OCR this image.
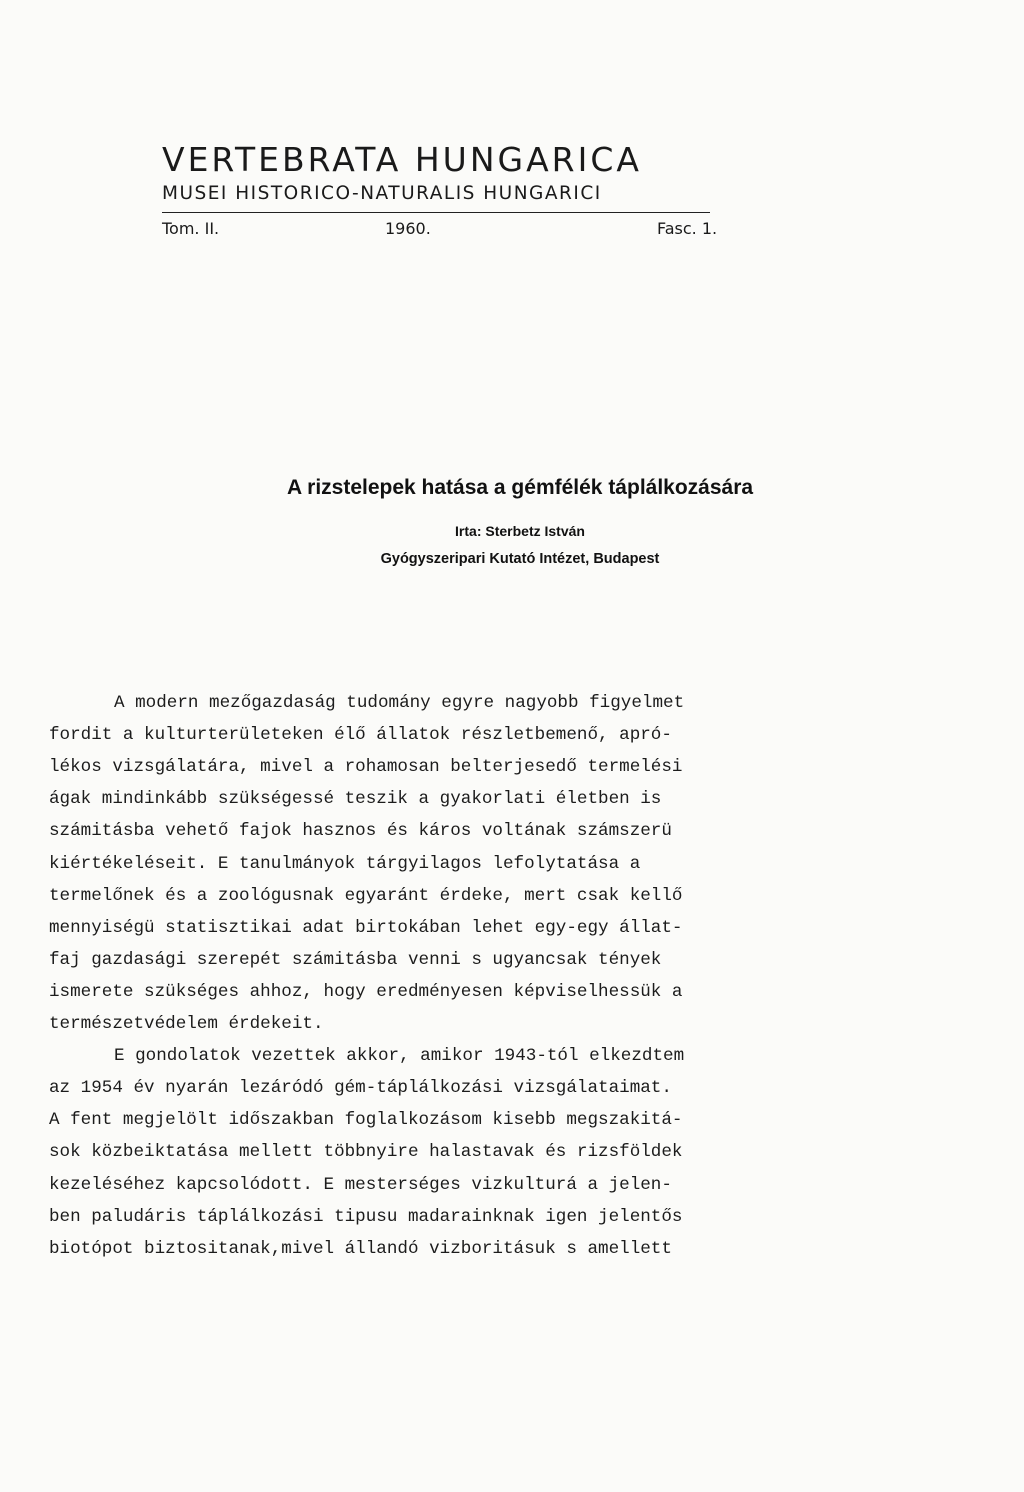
VERTEBRATA HUNGARICA
MUSEI HISTORICO-NATURALIS HUNGARICI
Tom. II.	1960.	Fasc. 1.
A rizstelepek hatása a gémfélék táplálkozására
Irta: Sterbetz István
Gyógyszeripari Kutató Intézet, Budapest
A modern mezőgazdaság tudomány egyre nagyobb figyelmet
fordit a kulturterületeken élő állatok részletbemenő, apró-
lékos vizsgálatára, mivel a rohamosan belterjesedő termelési
ágak mindinkább szükségessé teszik a gyakorlati életben is
számitásba vehető fajok hasznos és káros voltának számszerü
kiértékeléseit. E tanulmányok tárgyilagos lefolytatása a
termelőnek és a zoológusnak egyaránt érdeke, mert csak kellő
mennyiségü statisztikai adat birtokában lehet egy-egy állat-
faj gazdasági szerepét számitásba venni s ugyancsak tények
ismerete szükséges ahhoz, hogy eredményesen képviselhessük a
természetvédelem érdekeit.
E gondolatok vezettek akkor, amikor 1943-tól elkezdtem
az 1954 év nyarán lezáródó gém-táplálkozási vizsgálataimat.
A fent megjelölt időszakban foglalkozásom kisebb megszakitá-
sok közbeiktatása mellett többnyire halastavak és rizsföldek
kezeléséhez kapcsolódott. E mesterséges vizkulturá a jelen-
ben paludáris táplálkozási tipusu madarainknak igen jelentős
biotópot biztositanak,mivel állandó vizboritásuk s amellett
